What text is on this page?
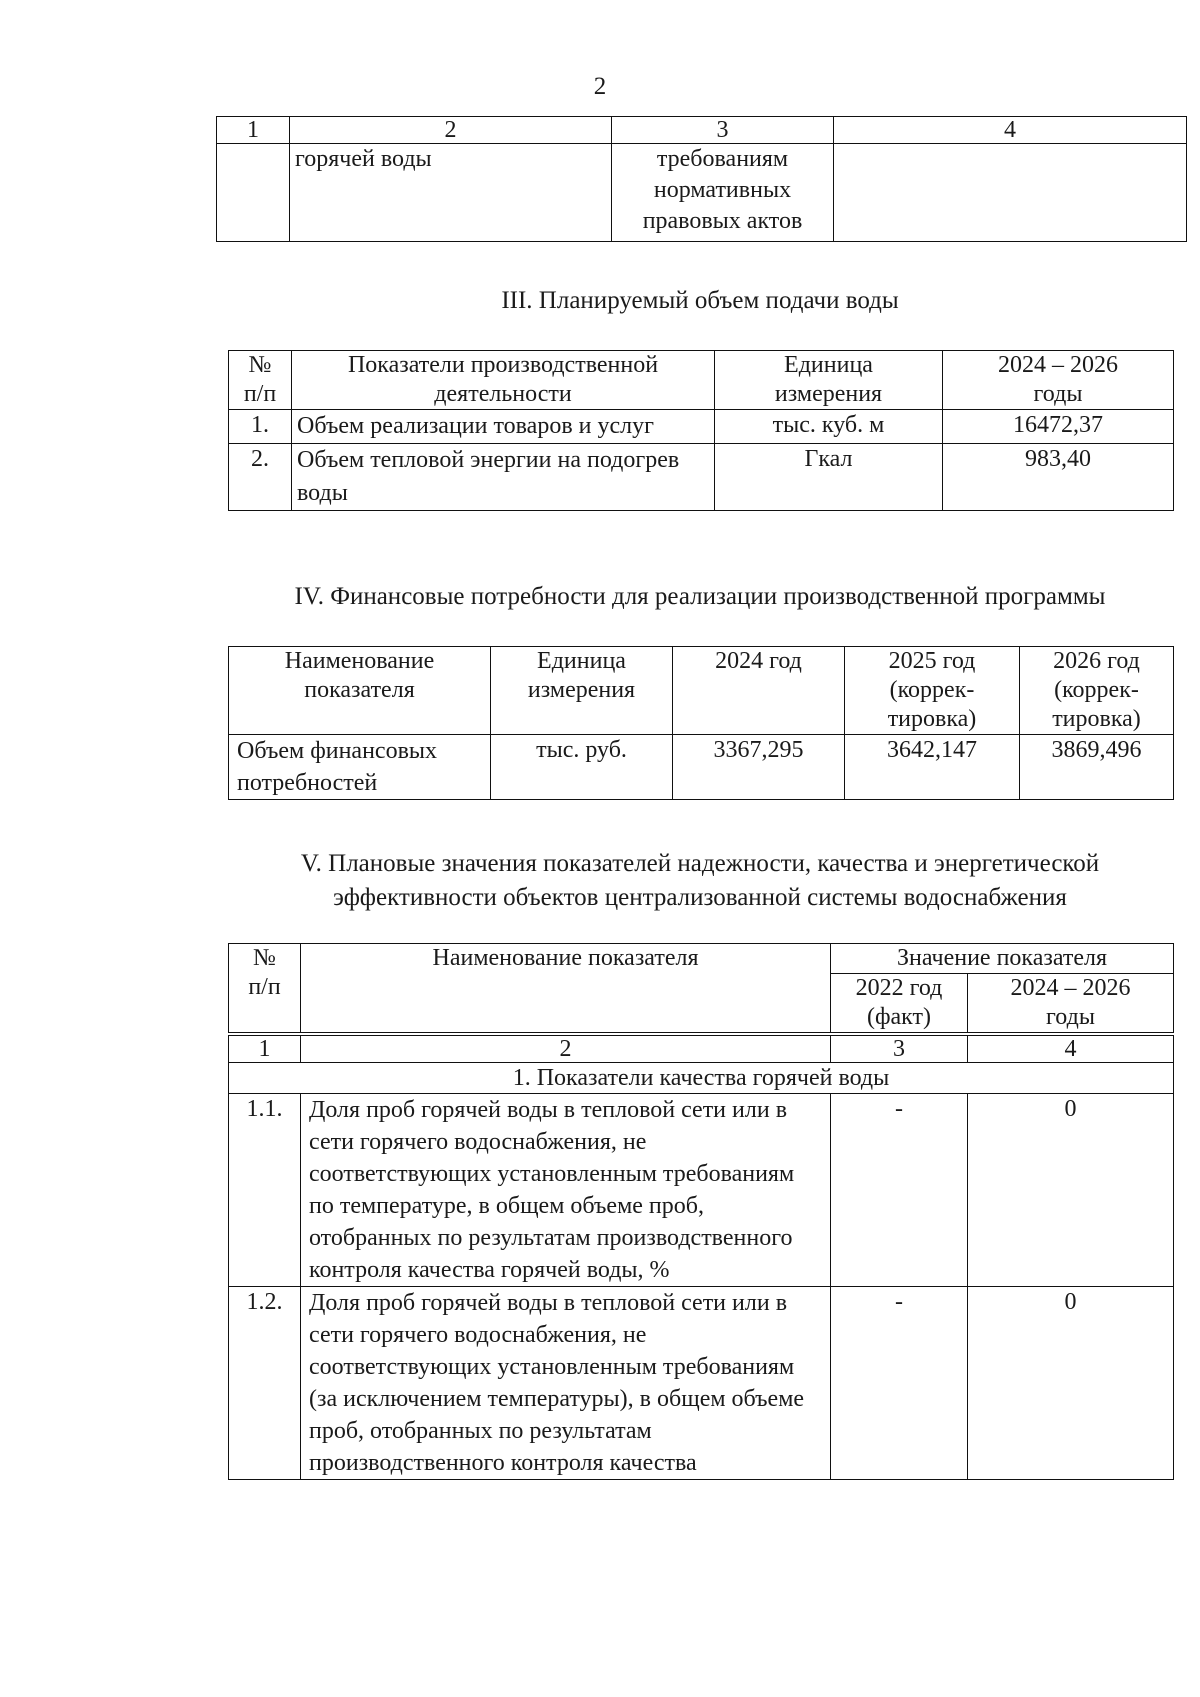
2
1	2	3	4
	горячей воды	требованиям нормативных правовых актов	
III. Планируемый объем подачи воды
№ п/п	Показатели производственной деятельности	Единица измерения	2024 – 2026 годы
1.	Объем реализации товаров и услуг	тыс. куб. м	16472,37
2.	Объем тепловой энергии на подогрев воды	Гкал	983,40
IV. Финансовые потребности для реализации производственной программы
Наименование показателя	Единица измерения	2024 год	2025 год (коррек-тировка)	2026 год (коррек-тировка)
Объем финансовых потребностей	тыс. руб.	3367,295	3642,147	3869,496
V. Плановые значения показателей надежности, качества и энергетической
эффективности объектов централизованной системы водоснабжения
№ п/п	Наименование показателя	Значение показателя	
		2022 год (факт)	2024 – 2026 годы
1	2	3	4
1. Показатели качества горячей воды			
1.1.	Доля проб горячей воды в тепловой сети или в сети горячего водоснабжения, не соответствующих установленным требованиям по температуре, в общем объеме проб, отобранных по результатам производственного контроля качества горячей воды, %	-	0
1.2.	Доля проб горячей воды в тепловой сети или в сети горячего водоснабжения, не соответствующих установленным требованиям (за исключением температуры), в общем объеме проб, отобранных по результатам производственного контроля качества	-	0
